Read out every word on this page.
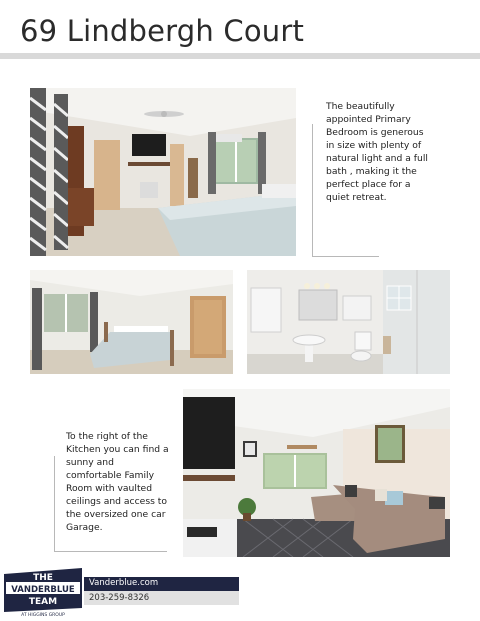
69 Lindbergh Court

The beautifully appointed Primary Bedroom is generous in size with plenty of natural light and a full bath , making it the perfect place for a quiet retreat.

To the right of the Kitchen you can find a sunny and comfortable Family Room with vaulted ceilings and access to the oversized one car Garage.

THE
VANDERBLUE
TEAM
AT HIGGINS GROUP
Vanderblue.com
203-259-8326
